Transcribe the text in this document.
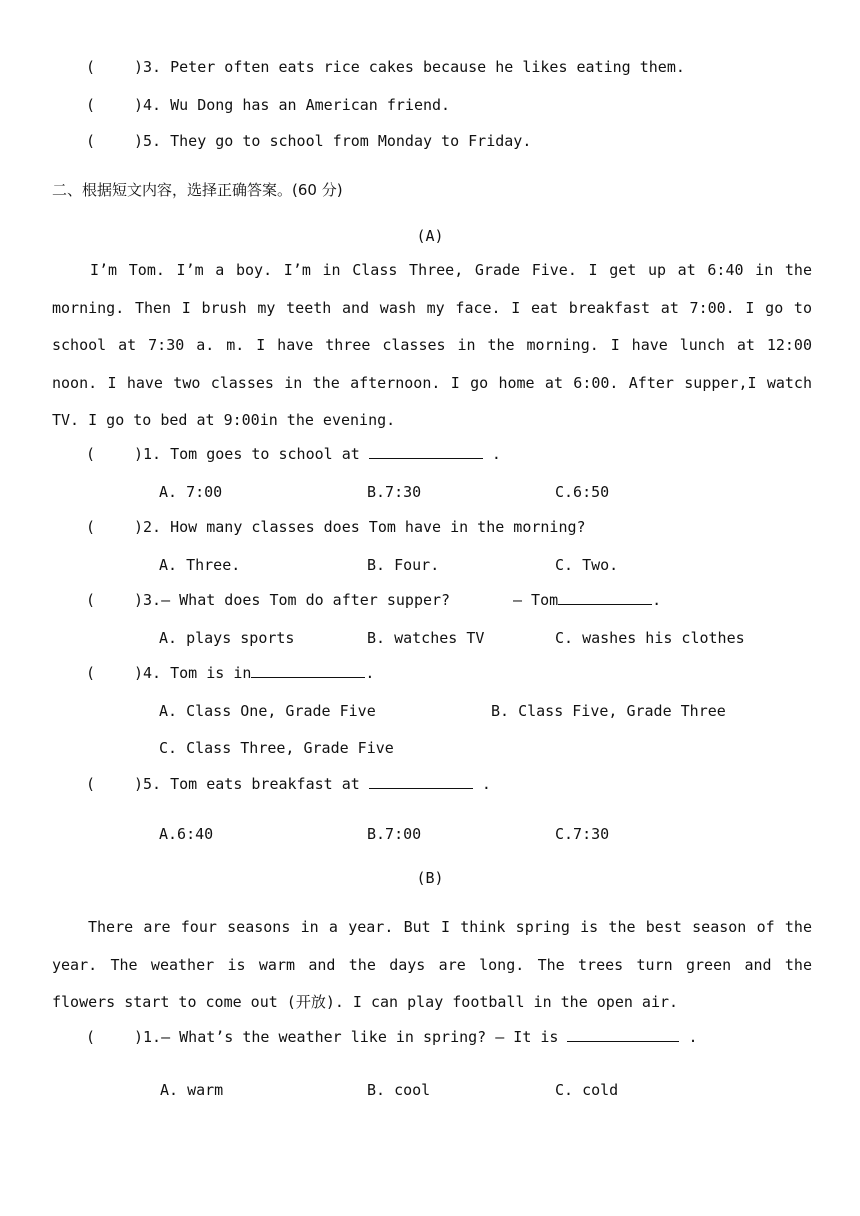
(	)3. Peter often eats rice cakes because he likes eating them.
(	)4. Wu Dong has an American friend.
(	)5. They go to school from Monday to Friday.
二、根据短文内容，选择正确答案。(60 分)
(A)
I’m Tom. I’m a boy. I’m in Class Three, Grade Five. I get up at 6:40 in the morning. Then I brush my teeth and wash my face. I eat breakfast at 7:00. I go to school at 7:30 a. m. I have three classes in the morning. I have lunch at 12:00 noon. I have two classes in the afternoon. I go home at 6:00. After supper,I watch TV. I go to bed at 9:00in the evening.
(	)1. Tom goes to school at	.
A. 7:00	B.7:30	C.6:50
(	)2. How many classes does Tom have in the morning?
A. Three.	B. Four.	C. Two.
(	)3.— What does Tom do after supper?	— Tom	.
A. plays sports	B. watches TV	C. washes his clothes
(	)4. Tom is in	.
A. Class One, Grade Five	B. Class Five, Grade Three
C. Class Three, Grade Five
(	)5. Tom eats breakfast at	.
A.6:40	B.7:00	C.7:30
(B)
There are four seasons in a year. But I think spring is the best season of the year. The weather is warm and the days are long. The trees turn green and the flowers start to come out (开放). I can play football in the open air.
(	)1.— What’s the weather like in spring? — It is	.
A. warm	B. cool	C. cold
